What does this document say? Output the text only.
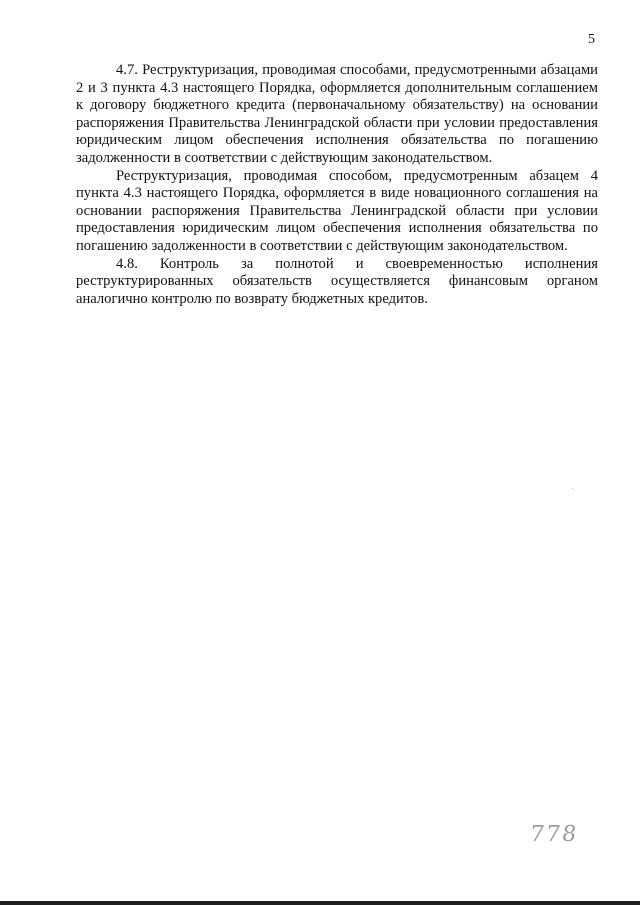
5

4.7. Реструктуризация, проводимая способами, предусмотренными абзацами 2 и 3 пункта 4.3 настоящего Порядка, оформляется дополнительным соглашением к договору бюджетного кредита (первоначальному обязательству) на основании распоряжения Правительства Ленинградской области при условии предоставления юридическим лицом обеспечения исполнения обязательства по погашению задолженности в соответствии с действующим законодательством.

Реструктуризация, проводимая способом, предусмотренным абзацем 4 пункта 4.3 настоящего Порядка, оформляется в виде новационного соглашения на основании распоряжения Правительства Ленинградской области при условии предоставления юридическим лицом обеспечения исполнения обязательства по погашению задолженности в соответствии с действующим законодательством.

4.8. Контроль за полнотой и своевременностью исполнения реструктурированных обязательств осуществляется финансовым органом аналогично контролю по возврату бюджетных кредитов.

778
